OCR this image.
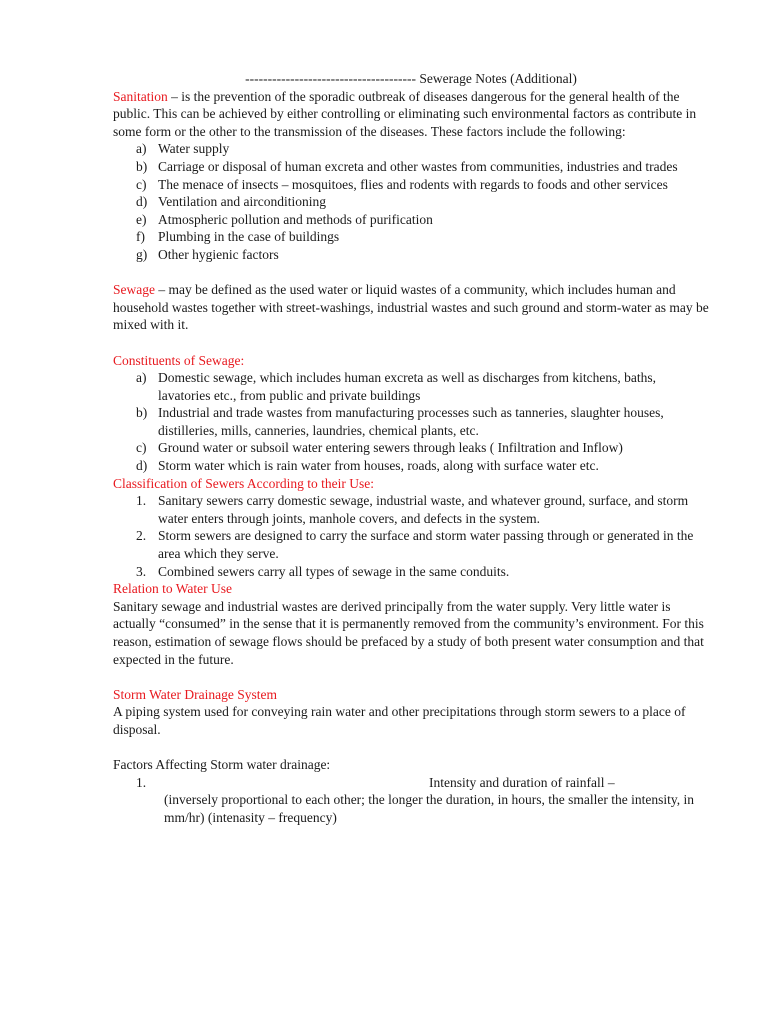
-------------------------------------- Sewerage Notes (Additional)

Sanitation – is the prevention of the sporadic outbreak of diseases dangerous for the general health of the public. This can be achieved by either controlling or eliminating such environmental factors as contribute in some form or the other to the transmission of the diseases. These factors include the following:

a) Water supply
b) Carriage or disposal of human excreta and other wastes from communities, industries and trades
c) The menace of insects – mosquitoes, flies and rodents with regards to foods and other services
d) Ventilation and airconditioning
e) Atmospheric pollution and methods of purification
f) Plumbing in the case of buildings
g) Other hygienic factors

Sewage – may be defined as the used water or liquid wastes of a community, which includes human and household wastes together with street-washings, industrial wastes and such ground and storm-water as may be mixed with it.

Constituents of Sewage:

a) Domestic sewage, which includes human excreta as well as discharges from kitchens, baths, lavatories etc., from public and private buildings
b) Industrial and trade wastes from manufacturing processes such as tanneries, slaughter houses, distilleries, mills, canneries, laundries, chemical plants, etc.
c) Ground water or subsoil water entering sewers through leaks ( Infiltration and Inflow)
d) Storm water which is rain water from houses, roads, along with surface water etc.

Classification of Sewers According to their Use:

1. Sanitary sewers carry domestic sewage, industrial waste, and whatever ground, surface, and storm water enters through joints, manhole covers, and defects in the system.
2. Storm sewers are designed to carry the surface and storm water passing through or generated in the area which they serve.
3. Combined sewers carry all types of sewage in the same conduits.

Relation to Water Use

Sanitary sewage and industrial wastes are derived principally from the water supply. Very little water is actually “consumed” in the sense that it is permanently removed from the community’s environment. For this reason, estimation of sewage flows should be prefaced by a study of both present water consumption and that expected in the future.

Storm Water Drainage System

A piping system used for conveying rain water and other precipitations through storm sewers to a place of disposal.

Factors Affecting Storm water drainage:

1.	Intensity and duration of rainfall –

(inversely proportional to each other; the longer the duration, in hours, the smaller the intensity, in mm/hr) (intenasity – frequency)
